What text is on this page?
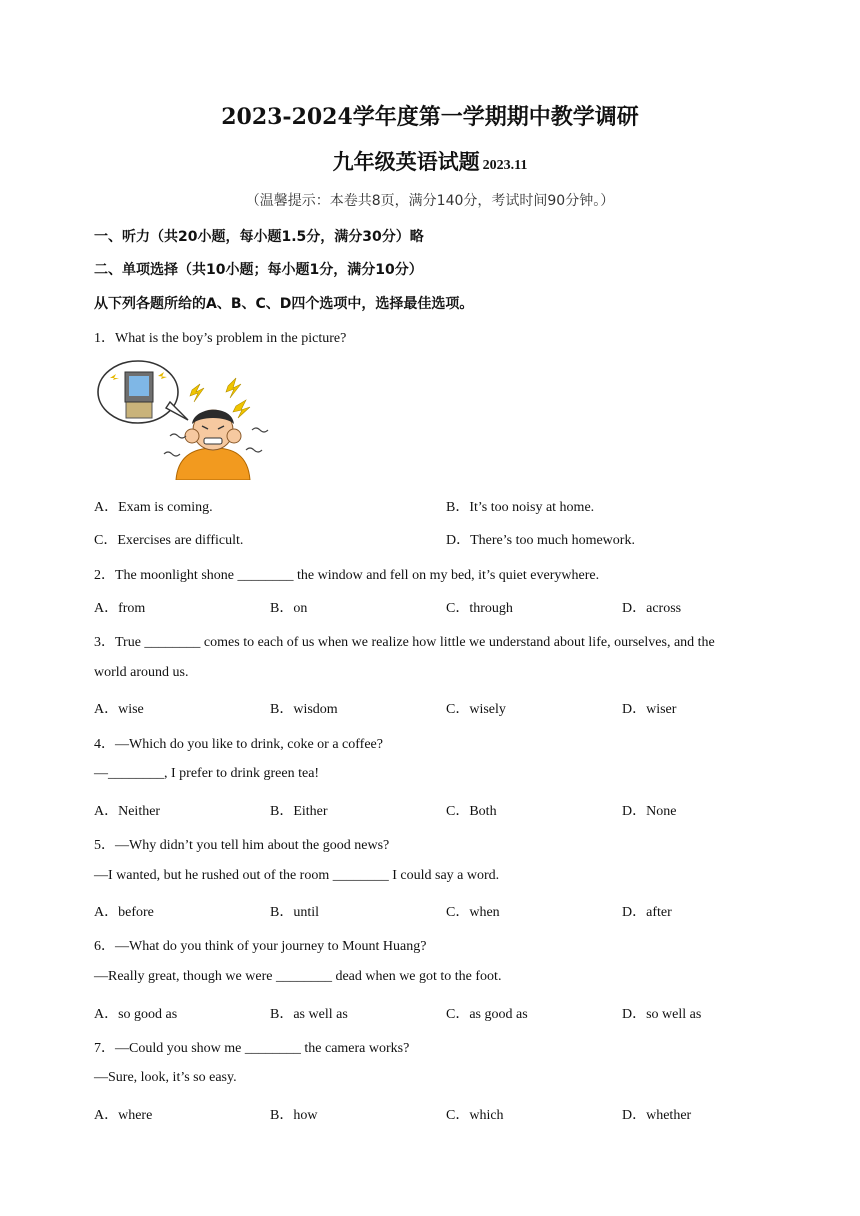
2023-2024学年度第一学期期中教学调研
九年级英语试题 2023.11
（温馨提示：本卷共8页，满分140分，考试时间90分钟。）
一、听力（共20小题，每小题1.5分，满分30分）略
二、单项选择（共10小题；每小题1分，满分10分）
从下列各题所给的A、B、C、D四个选项中，选择最佳选项。
1．What is the boy’s problem in the picture?
A．Exam is coming.	B．It’s too noisy at home.
C．Exercises are difficult.	D．There’s too much homework.
2．The moonlight shone ________ the window and fell on my bed, it’s quiet everywhere.
A．from	B．on	C．through	D．across
3．True ________ comes to each of us when we realize how little we understand about life, ourselves, and the
world around us.
A．wise	B．wisdom	C．wisely	D．wiser
4．—Which do you like to drink, coke or a coffee?
—________, I prefer to drink green tea!
A．Neither	B．Either	C．Both	D．None
5．—Why didn’t you tell him about the good news?
—I wanted, but he rushed out of the room ________ I could say a word.
A．before	B．until	C．when	D．after
6．—What do you think of your journey to Mount Huang?
—Really great, though we were ________ dead when we got to the foot.
A．so good as	B．as well as	C．as good as	D．so well as
7．—Could you show me ________ the camera works?
—Sure, look, it’s so easy.
A．where	B．how	C．which	D．whether
